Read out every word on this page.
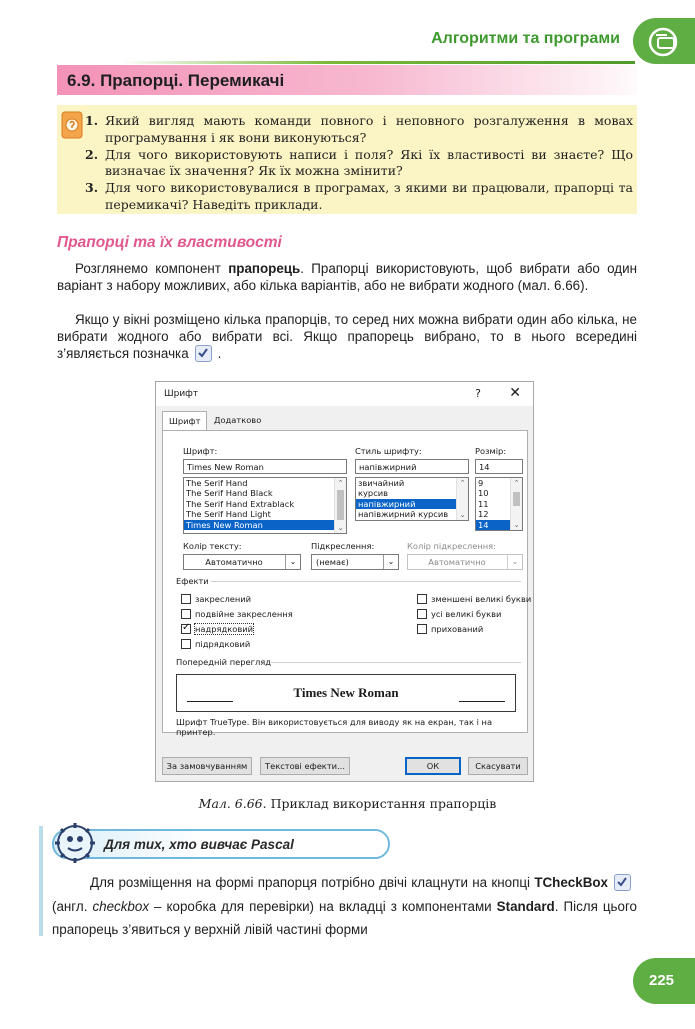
Алгоритми та програми
6.9. Прапорці. Перемикачі
1. Який вигляд мають команди повного і неповного розгалуження в мовах програмування і як вони виконуються?
2. Для чого використовують написи і поля? Які їх властивості ви знаєте? Що визначає їх значення? Як їх можна змінити?
3. Для чого використовувалися в програмах, з якими ви працювали, прапорці та перемикачі? Наведіть приклади.
Прапорці та їх властивості
Розглянемо компонент прапорець. Прапорці використовують, щоб вибрати або один варіант з набору можливих, або кілька варіантів, або не вибрати жодного (мал. 6.66).
Якщо у вікні розміщено кілька прапорців, то серед них можна вибрати один або кілька, не вибрати жодного або вибрати всі. Якщо прапорець вибрано, то в нього всередині з’являється позначка .
Шрифт	? ✕
Шрифт	Додатково
Шрифт:
Times New Roman
The Serif Hand
The Serif Hand Black
The Serif Hand Extrablack
The Serif Hand Light
Times New Roman
⌃
⌄
Стиль шрифту:
напівжирний
звичайний
курсив
напівжирний
напівжирний курсив
⌃
⌄
Розмір:
14
9
10
11
12
14
⌃
⌄
Колір тексту:
Автоматично	⌄
Підкреслення:
(немає)	⌄
Колір підкреслення:
Автоматично	⌄
Ефекти
закреслений
подвійне закреслення
✓надрядковий
підрядковий
зменшені великі букви
усі великі букви
прихований
Попередній перегляд
Times New Roman
Шрифт TrueType. Він використовується для виводу як на екран, так і на принтер.
За замовчуванням	Текстові ефекти...	ОК	Скасувати
Мал. 6.66. Приклад використання прапорців
Для тих, хто вивчає Pascal
Для розміщення на формі прапорця потрібно двічі клацнути на кнопці TCheckBox
(англ. checkbox – коробка для перевірки) на вкладці з компонентами Standard. Після цього прапорець з’явиться у верхній лівій частині форми
225
